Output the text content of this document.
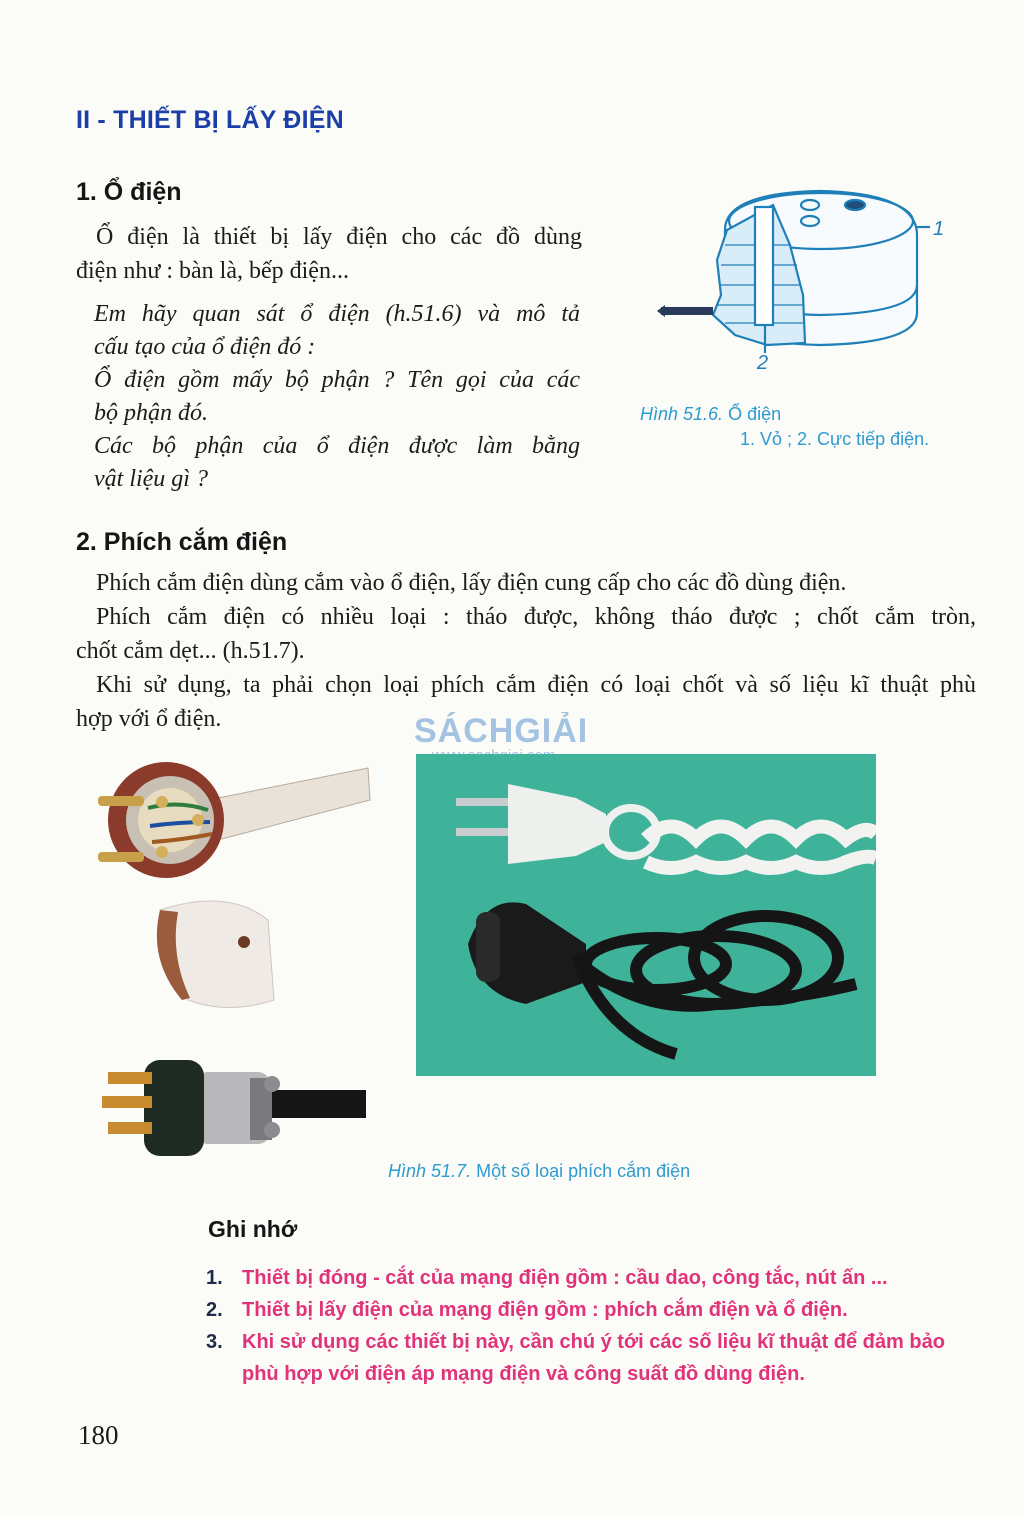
II - THIẾT BỊ LẤY ĐIỆN
1. Ổ điện
Ổ điện là thiết bị lấy điện cho các đồ dùng
điện như : bàn là, bếp điện...
Em hãy quan sát ổ điện (h.51.6) và mô tả
cấu tạo của ổ điện đó :
Ổ điện gồm mấy bộ phận ? Tên gọi của các
bộ phận đó.
Các bộ phận của ổ điện được làm bằng
vật liệu gì ?
1
2
Hình 51.6. Ổ điện
1. Vỏ ; 2. Cực tiếp điện.
2. Phích cắm điện
Phích cắm điện dùng cắm vào ổ điện, lấy điện cung cấp cho các đồ dùng điện.
Phích cắm điện có nhiều loại : tháo được, không tháo được ; chốt cắm tròn,
chốt cắm dẹt... (h.51.7).
Khi sử dụng, ta phải chọn loại phích cắm điện có loại chốt và số liệu kĩ thuật phù
hợp với ổ điện.	SÁCHGIẢI
Hình 51.7. Một số loại phích cắm điện
Ghi nhớ
1. Thiết bị đóng - cắt của mạng điện gồm : cầu dao, công tắc, nút ấn ...
2. Thiết bị lấy điện của mạng điện gồm : phích cắm điện và ổ điện.
3. Khi sử dụng các thiết bị này, cần chú ý tới các số liệu kĩ thuật để đảm bảo
phù hợp với điện áp mạng điện và công suất đồ dùng điện.
180
